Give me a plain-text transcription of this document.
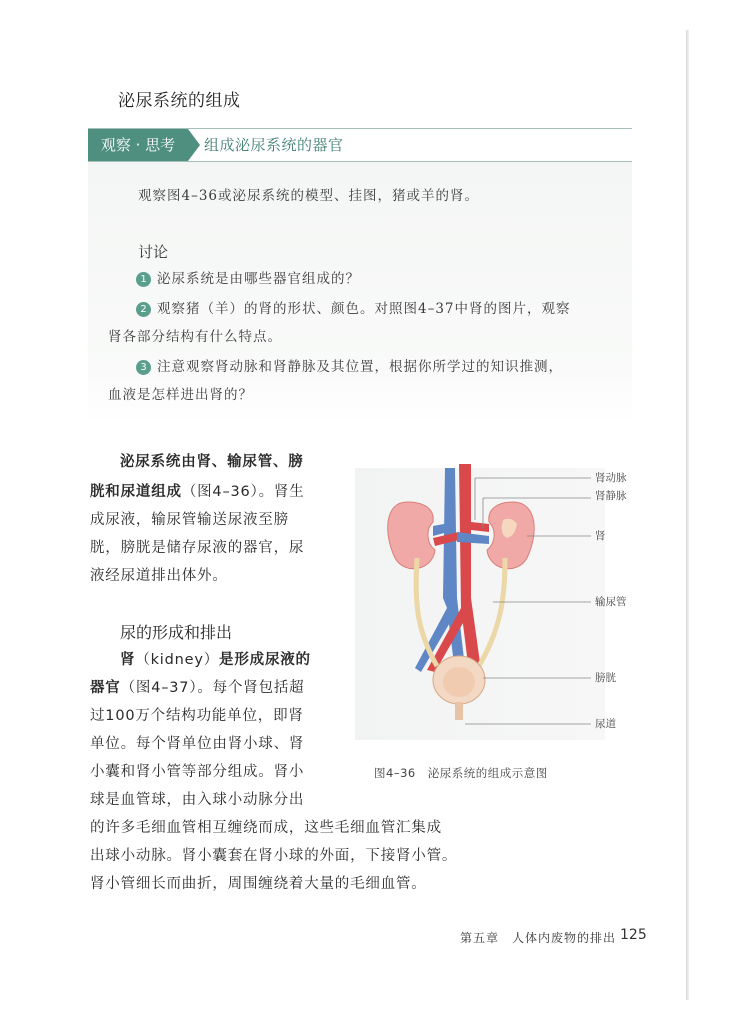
泌尿系统的组成
观察 · 思考	组成泌尿系统的器官
观察图4–36或泌尿系统的模型、挂图，猪或羊的肾。
讨论
1 泌尿系统是由哪些器官组成的？
2 观察猪（羊）的肾的形状、颜色。对照图4–37中肾的图片，观察
肾各部分结构有什么特点。
3 注意观察肾动脉和肾静脉及其位置，根据你所学过的知识推测，
血液是怎样进出肾的？
泌尿系统由肾、输尿管、膀
胱和尿道组成（图4–36）。肾生
成尿液，输尿管输送尿液至膀
胱，膀胱是储存尿液的器官，尿
液经尿道排出体外。
尿的形成和排出
肾（kidney）是形成尿液的
器官（图4–37）。每个肾包括超
过100万个结构功能单位，即肾
单位。每个肾单位由肾小球、肾
小囊和肾小管等部分组成。肾小
球是血管球，由入球小动脉分出
的许多毛细血管相互缠绕而成，这些毛细血管汇集成
出球小动脉。肾小囊套在肾小球的外面，下接肾小管。
肾小管细长而曲折，周围缠绕着大量的毛细血管。
肾动脉
肾静脉
肾
输尿管
膀胱
尿道
图4–36　泌尿系统的组成示意图
第五章　人体内废物的排出 125
